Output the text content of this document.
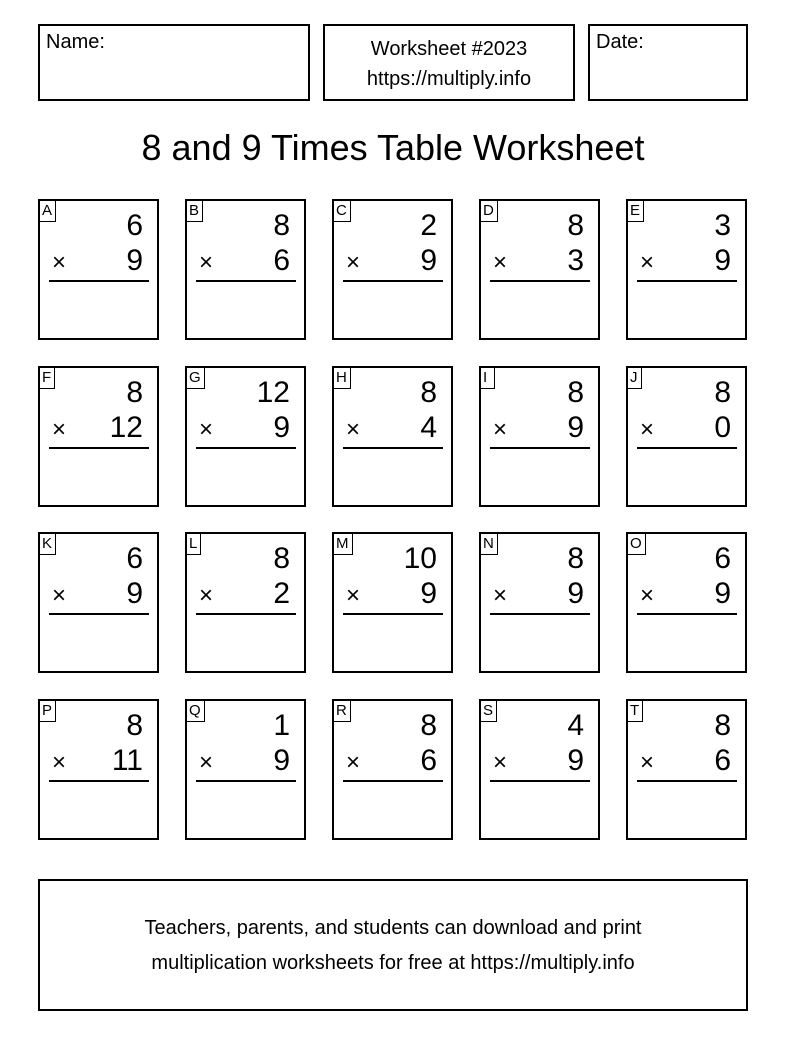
Name:	Worksheet #2023
https://multiply.info
Date:
8 and 9 Times Table Worksheet
A 6
× 9
B 8
× 6
C 2
× 9
D 8
× 3
E 3
× 9
F	8
× 12
G 12
× 9
H 8
× 4
I	8
× 9
J	8
× 0
K 6
× 9
L	8
× 2
M 10
× 9
N 8
× 9
O 6
× 9
P 8
× 11
Q 1
× 9
R 8
× 6
S 4
× 9
T	8
× 6
Teachers, parents, and students can download and print
multiplication worksheets for free at https://multiply.info
